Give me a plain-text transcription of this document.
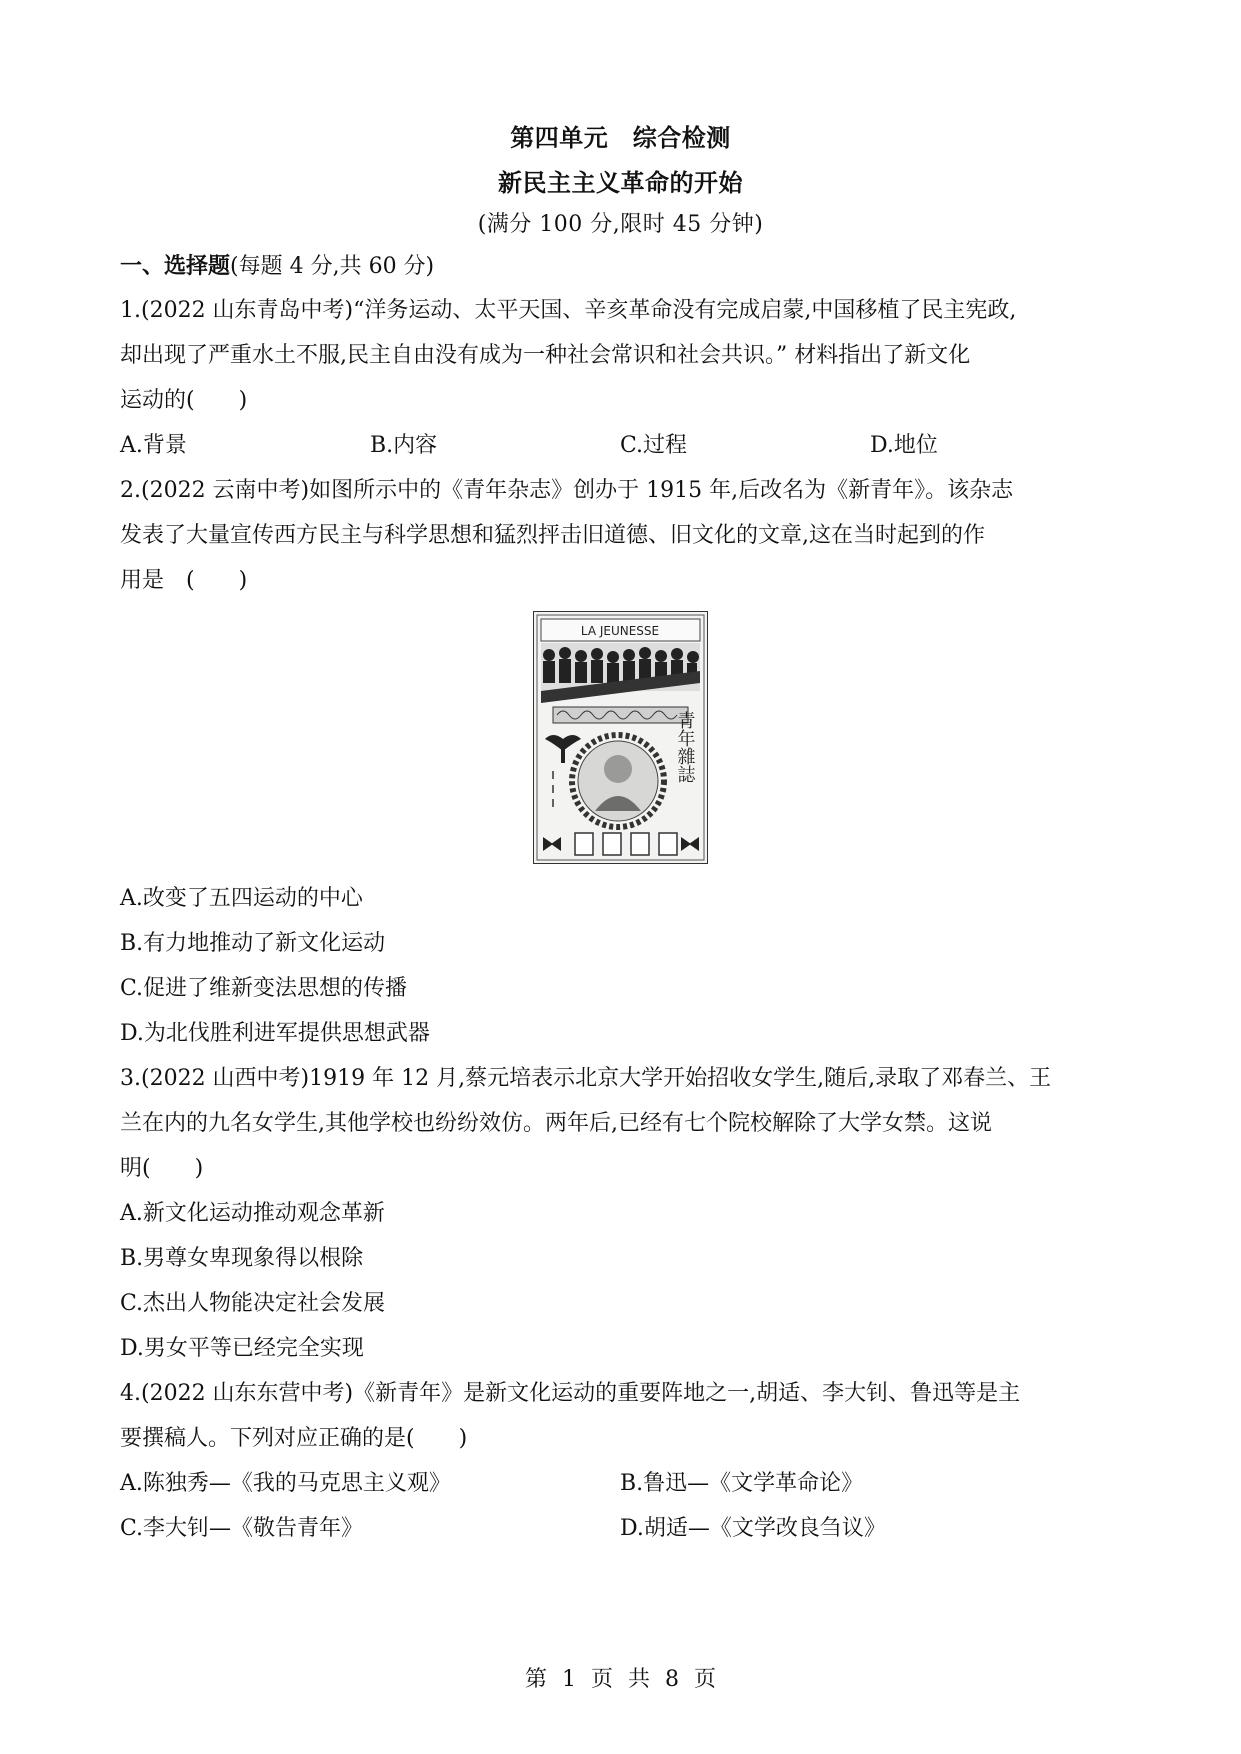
第四单元　综合检测
新民主主义革命的开始
(满分 100 分,限时 45 分钟)
一、选择题(每题 4 分,共 60 分)
1.(2022 山东青岛中考)“洋务运动、太平天国、辛亥革命没有完成启蒙,中国移植了民主宪政,
却出现了严重水土不服,民主自由没有成为一种社会常识和社会共识。” 材料指出了新文化
运动的(　　)
A.背景	B.内容	C.过程	D.地位
2.(2022 云南中考)如图所示中的《青年杂志》创办于 1915 年,后改名为《新青年》。该杂志
发表了大量宣传西方民主与科学思想和猛烈抨击旧道德、旧文化的文章,这在当时起到的作
用是　(　　)
LA JEUNESSE
青年雜誌
A.改变了五四运动的中心
B.有力地推动了新文化运动
C.促进了维新变法思想的传播
D.为北伐胜利进军提供思想武器
3.(2022 山西中考)1919 年 12 月,蔡元培表示北京大学开始招收女学生,随后,录取了邓春兰、王
兰在内的九名女学生,其他学校也纷纷效仿。两年后,已经有七个院校解除了大学女禁。这说
明(　　)
A.新文化运动推动观念革新
B.男尊女卑现象得以根除
C.杰出人物能决定社会发展
D.男女平等已经完全实现
4.(2022 山东东营中考)《新青年》是新文化运动的重要阵地之一,胡适、李大钊、鲁迅等是主
要撰稿人。下列对应正确的是(　　)
A.陈独秀—《我的马克思主义观》	B.鲁迅—《文学革命论》
C.李大钊—《敬告青年》	D.胡适—《文学改良刍议》
第 1 页 共 8 页
